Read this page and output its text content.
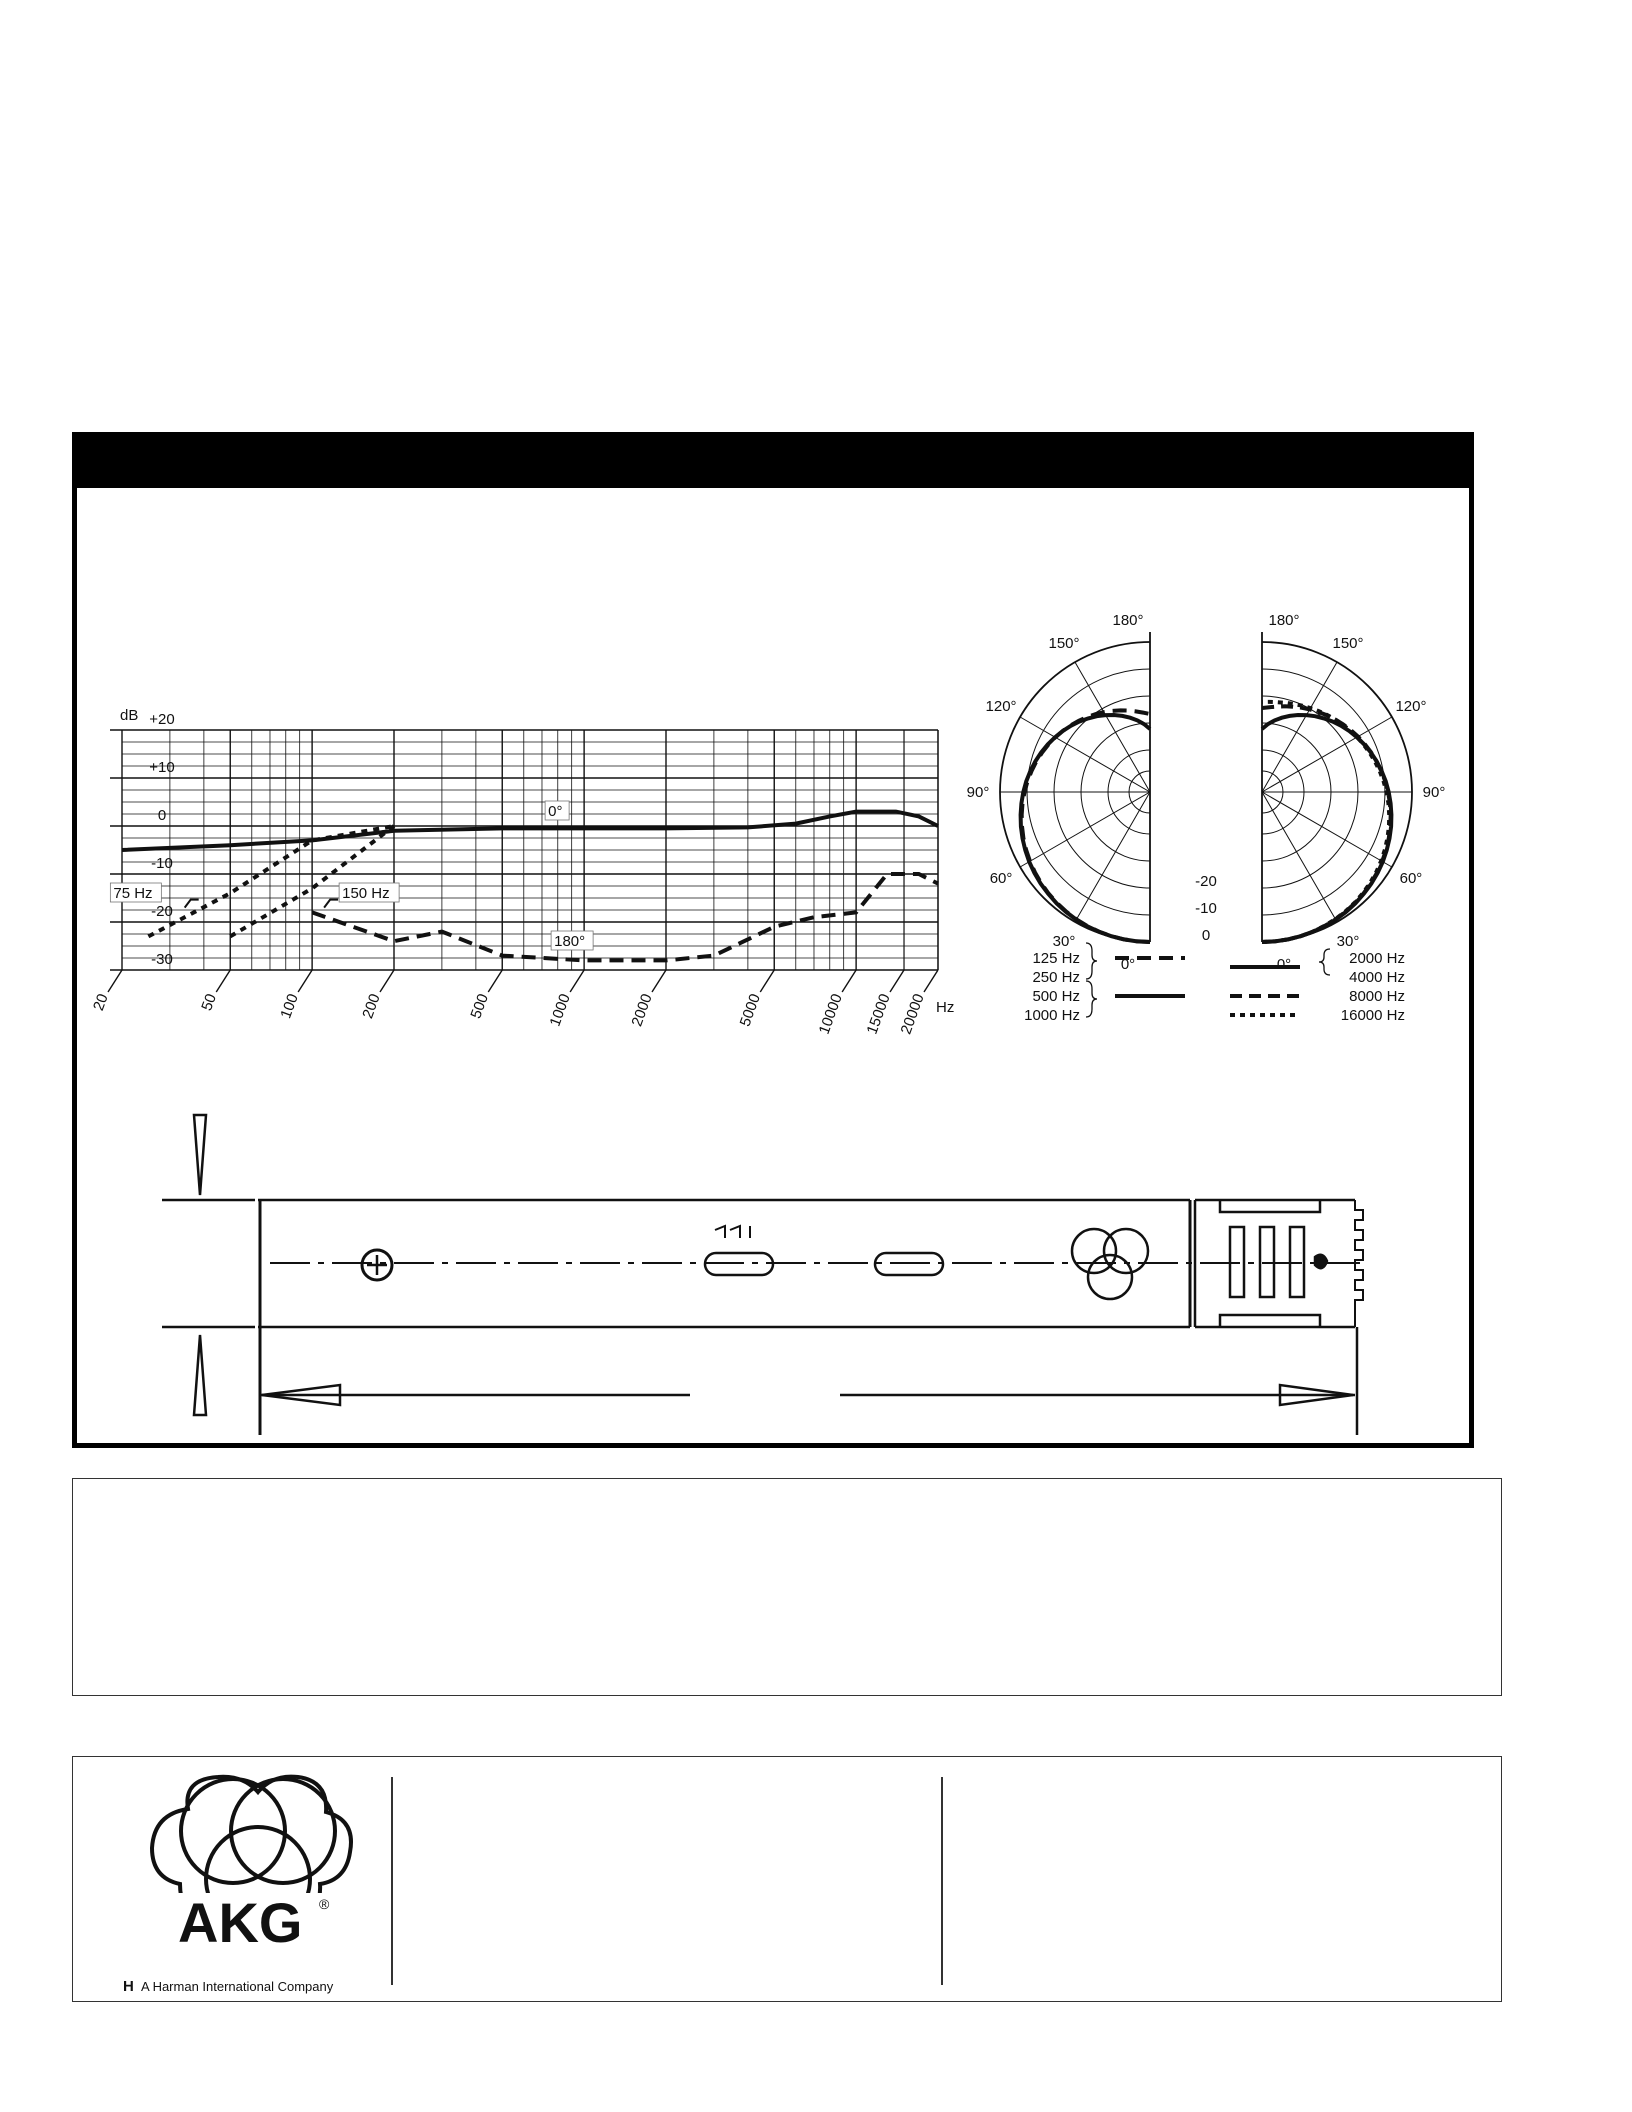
dB +20
+10
0
-10
-20
-30
20	50	100	200	500	1000	2000	5000	10000 15000 20000
0°
180°
75 Hz	150 Hz
Hz
180°	180°
150°	150°
120°	120°
90°	90°
60°	60°
30°	30°
0°	0°
-20
-10
0
125 Hz
250 Hz
500 Hz
1000 Hz
2000 Hz
4000 Hz
8000 Hz
16000 Hz
AKG ®
H A Harman International Company
